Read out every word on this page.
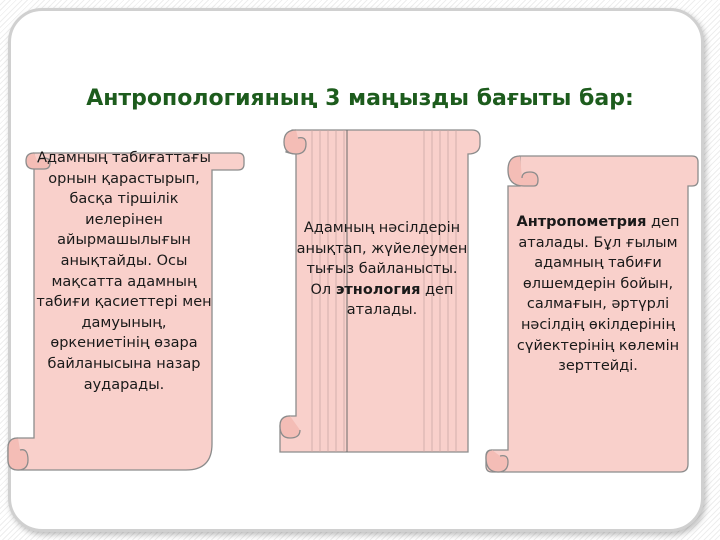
Антропологияның 3 маңызды бағыты бар:
Адамның табиғаттағы орнын қарастырып, басқа тіршілік иелерінен айырмашылығын анықтайды. Осы мақсатта адамның табиғи қасиеттері мен дамуының, өркениетінің өзара байланысына назар аударады.
Адамның нәсілдерін анықтап, жүйелеумен тығыз байланысты. Ол этнология деп аталады.
Антропометрия деп аталады. Бұл ғылым адамның табиғи өлшемдерін бойын, салмағын, әртүрлі нәсілдің өкілдерінің сүйектерінің көлемін зерттейді.
